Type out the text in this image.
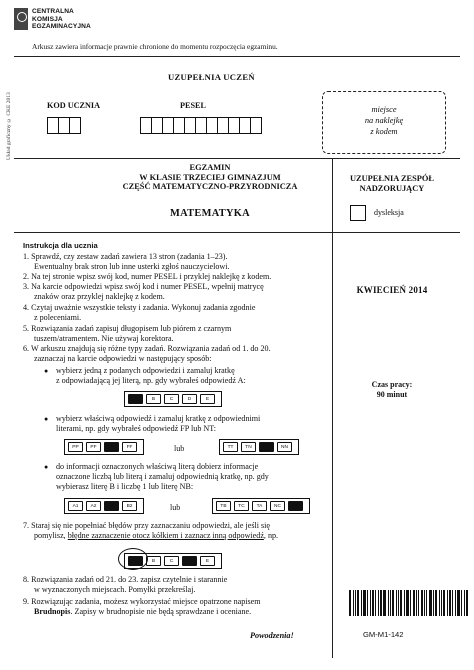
CENTRALNA
KOMISJA
EGZAMINACYJNA
Arkusz zawiera informacje prawnie chronione do momentu rozpoczęcia egzaminu.
Układ graficzny © CKE 2013
UZUPEŁNIA UCZEŃ
KOD UCZNIA	PESEL	miejsce
na naklejkę
z kodem
EGZAMIN
W KLASIE TRZECIEJ GIMNAZJUM
CZĘŚĆ MATEMATYCZNO-PRZYRODNICZA
MATEMATYKA
UZUPEŁNIA ZESPÓŁ
NADZORUJĄCY
dysleksja
KWIECIEŃ 2014
Czas pracy:
90 minut
Instrukcja dla ucznia
1. Sprawdź, czy zestaw zadań zawiera 13 stron (zadania 1–23).
Ewentualny brak stron lub inne usterki zgłoś nauczycielowi.
2. Na tej stronie wpisz swój kod, numer PESEL i przyklej naklejkę z kodem.
3. Na karcie odpowiedzi wpisz swój kod i numer PESEL, wpełnij matrycę
znaków oraz przyklej naklejkę z kodem.
4. Czytaj uważnie wszystkie teksty i zadania. Wykonuj zadania zgodnie
z poleceniami.
5. Rozwiązania zadań zapisuj długopisem lub piórem z czarnym
tuszem/atramentem. Nie używaj korektora.
6. W arkuszu znajdują się różne typy zadań. Rozwiązania zadań od 1. do 20.
zaznaczaj na karcie odpowiedzi w następujący sposób:
● wybierz jedną z podanych odpowiedzi i zamaluj kratkę
z odpowiadającą jej literą, np. gdy wybrałeś odpowiedź A:
B	C	D	E
● wybierz właściwą odpowiedź i zamaluj kratkę z odpowiednimi
literami, np. gdy wybrałeś odpowiedź FP lub NT:
PP	PF	FP	FF	lub	TT	TN	NT	NN
● do informacji oznaczonych właściwą literą dobierz informacje
oznaczone liczbą lub literą i zamaluj odpowiednią kratkę, np. gdy
wybierasz literę B i liczbę 1 lub literę NB:
A1	A2	B1	B2	lub	TB	TC	TA	NC	NB
7. Staraj się nie popełniać błędów przy zaznaczaniu odpowiedzi, ale jeśli się
pomylisz, błędne zaznaczenie otocz kółkiem i zaznacz inną odpowiedź, np.
B	C	E
8. Rozwiązania zadań od 21. do 23. zapisz czytelnie i starannie
w wyznaczonych miejscach. Pomyłki przekreślaj.
9. Rozwiązując zadania, możesz wykorzystać miejsce opatrzone napisem
Brudnopis. Zapisy w brudnopisie nie będą sprawdzane i oceniane.
Powodzenia!	GM-M1-142
